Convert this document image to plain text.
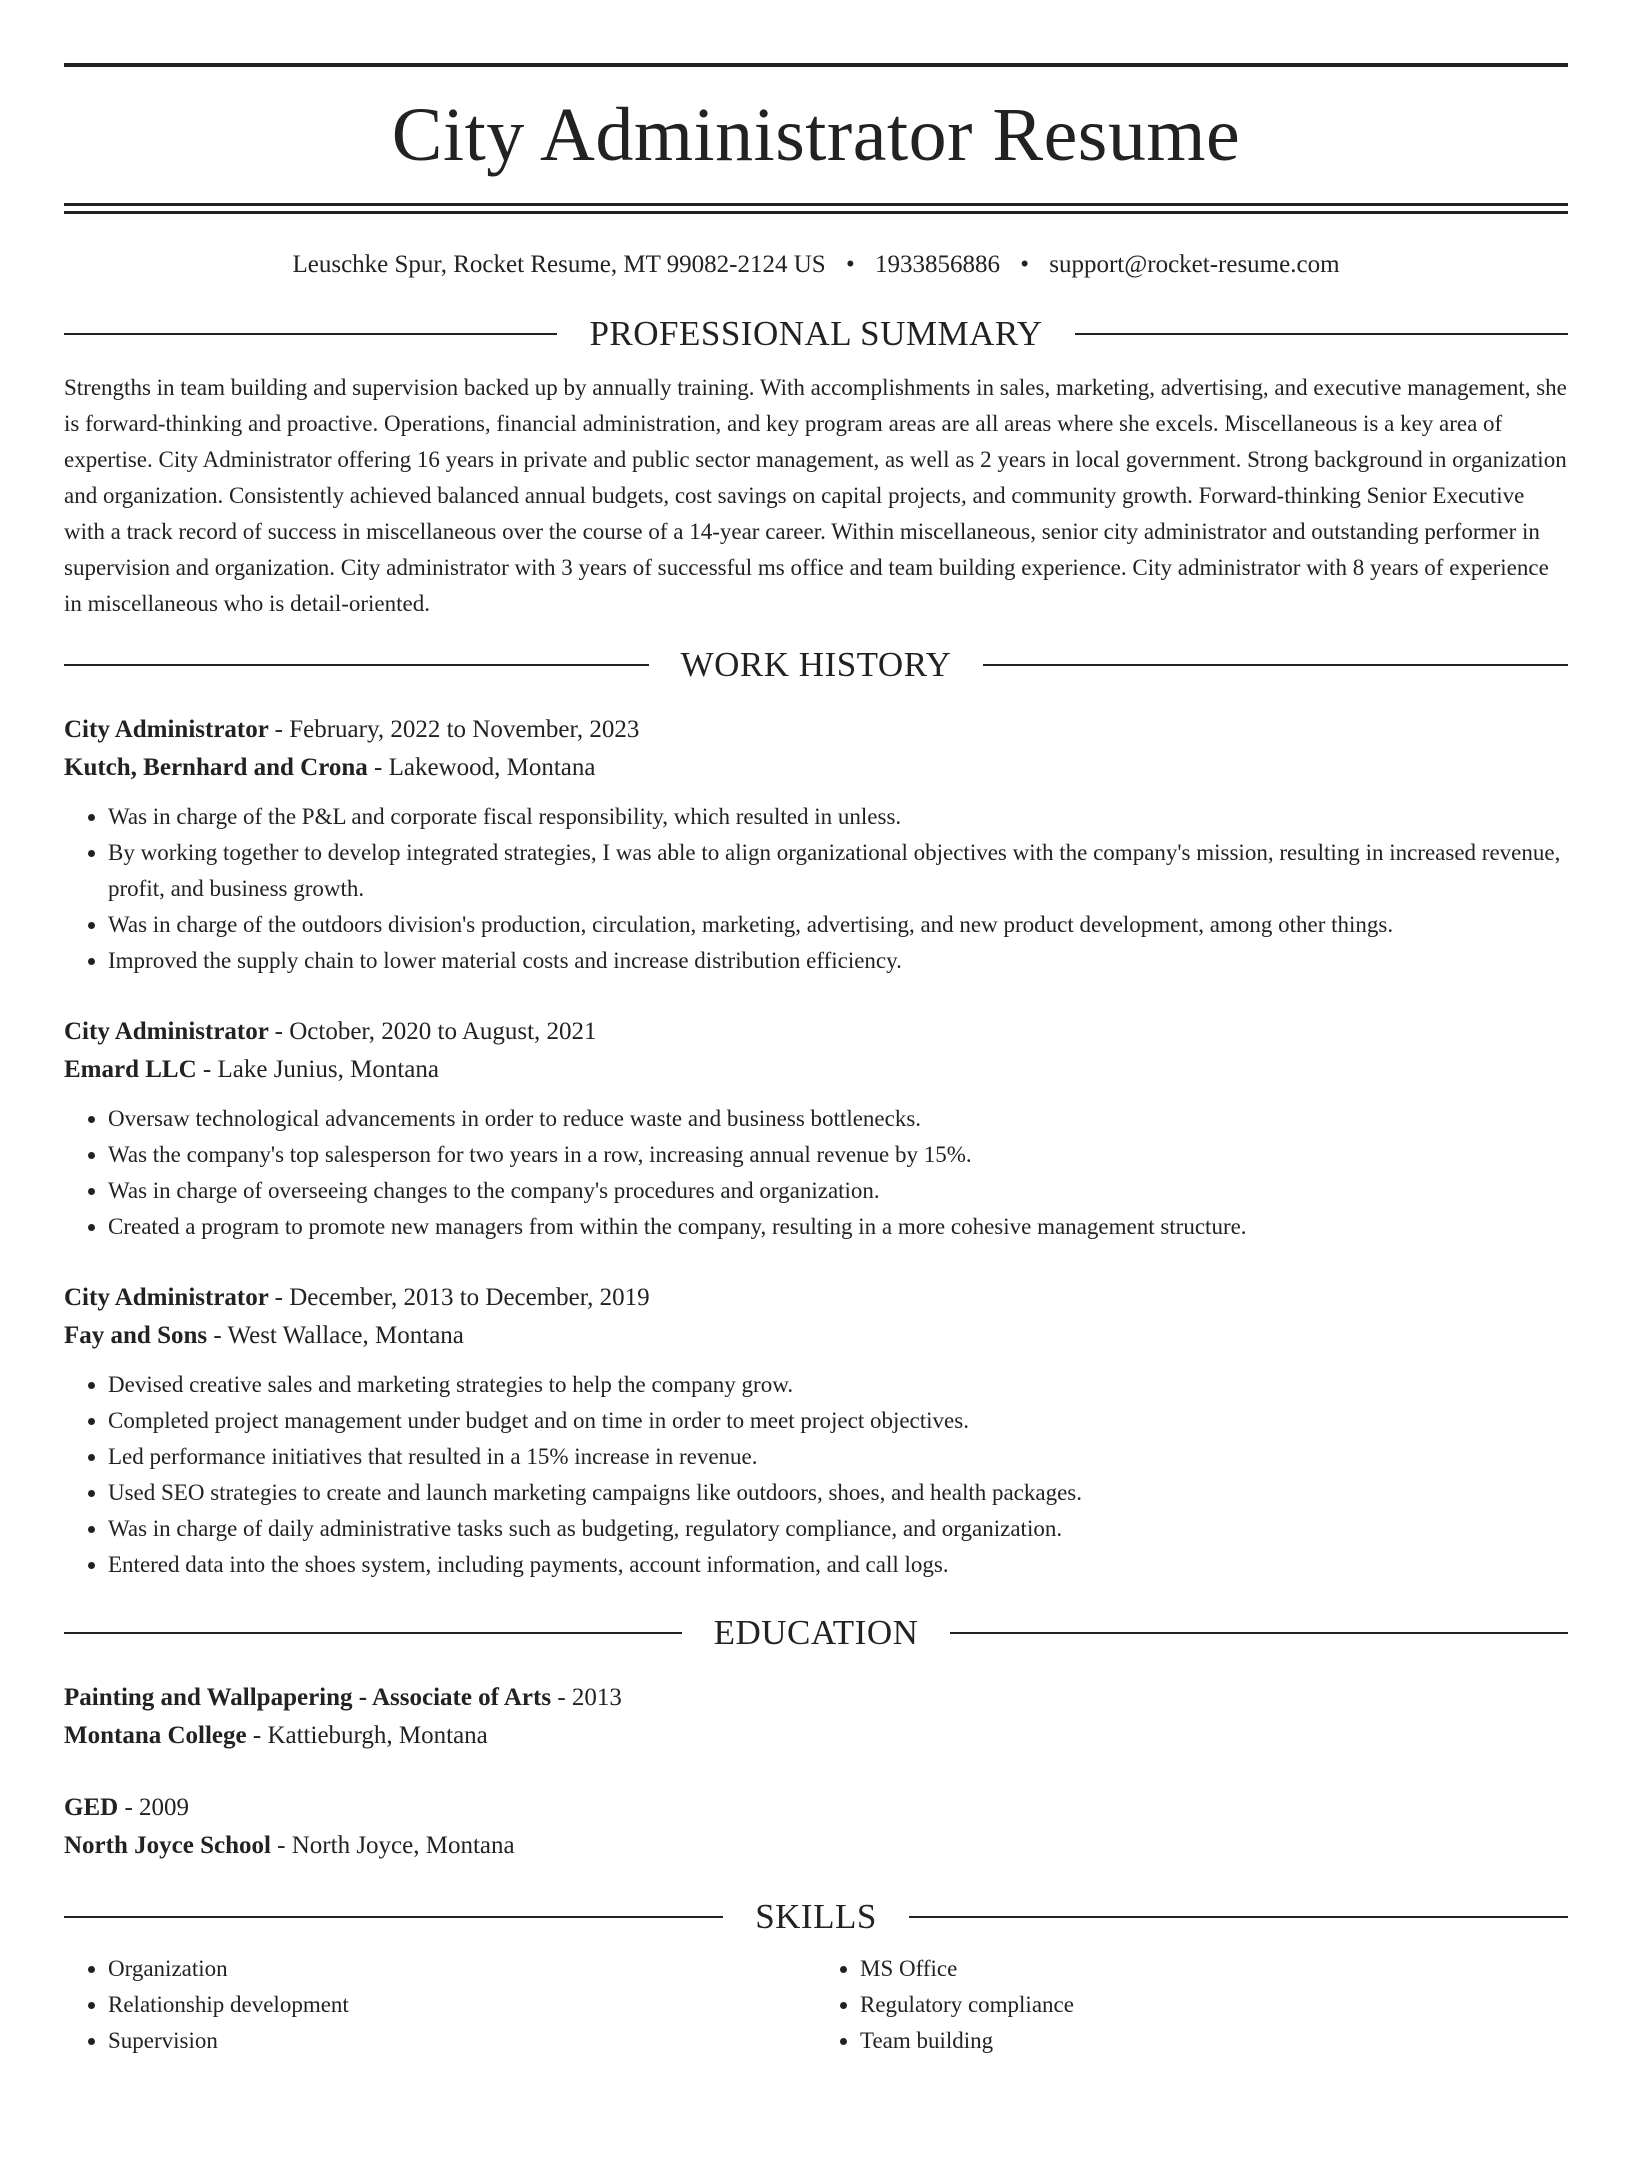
City Administrator Resume
Leuschke Spur, Rocket Resume, MT 99082-2124 US • 1933856886 • support@rocket-resume.com
PROFESSIONAL SUMMARY

Strengths in team building and supervision backed up by annually training. With accomplishments in sales, marketing, advertising, and executive management, she is forward-thinking and proactive. Operations, financial administration, and key program areas are all areas where she excels. Miscellaneous is a key area of expertise. City Administrator offering 16 years in private and public sector management, as well as 2 years in local government. Strong background in organization and organization. Consistently achieved balanced annual budgets, cost savings on capital projects, and community growth. Forward-thinking Senior Executive with a track record of success in miscellaneous over the course of a 14-year career. Within miscellaneous, senior city administrator and outstanding performer in supervision and organization. City administrator with 3 years of successful ms office and team building experience. City administrator with 8 years of experience in miscellaneous who is detail-oriented.

WORK HISTORY
City Administrator - February, 2022 to November, 2023
Kutch, Bernhard and Crona - Lakewood, Montana
• Was in charge of the P&L and corporate fiscal responsibility, which resulted in unless.
• By working together to develop integrated strategies, I was able to align organizational objectives with the company's mission, resulting in increased revenue, profit, and business growth.
• Was in charge of the outdoors division's production, circulation, marketing, advertising, and new product development, among other things.
• Improved the supply chain to lower material costs and increase distribution efficiency.
City Administrator - October, 2020 to August, 2021
Emard LLC - Lake Junius, Montana
• Oversaw technological advancements in order to reduce waste and business bottlenecks.
• Was the company's top salesperson for two years in a row, increasing annual revenue by 15%.
• Was in charge of overseeing changes to the company's procedures and organization.
• Created a program to promote new managers from within the company, resulting in a more cohesive management structure.
City Administrator - December, 2013 to December, 2019
Fay and Sons - West Wallace, Montana
• Devised creative sales and marketing strategies to help the company grow.
• Completed project management under budget and on time in order to meet project objectives.
• Led performance initiatives that resulted in a 15% increase in revenue.
• Used SEO strategies to create and launch marketing campaigns like outdoors, shoes, and health packages.
• Was in charge of daily administrative tasks such as budgeting, regulatory compliance, and organization.
• Entered data into the shoes system, including payments, account information, and call logs.
EDUCATION
Painting and Wallpapering - Associate of Arts - 2013
Montana College - Kattieburgh, Montana
GED - 2009
North Joyce School - North Joyce, Montana
SKILLS
• Organization
• Relationship development
• Supervision
• MS Office
• Regulatory compliance
• Team building
